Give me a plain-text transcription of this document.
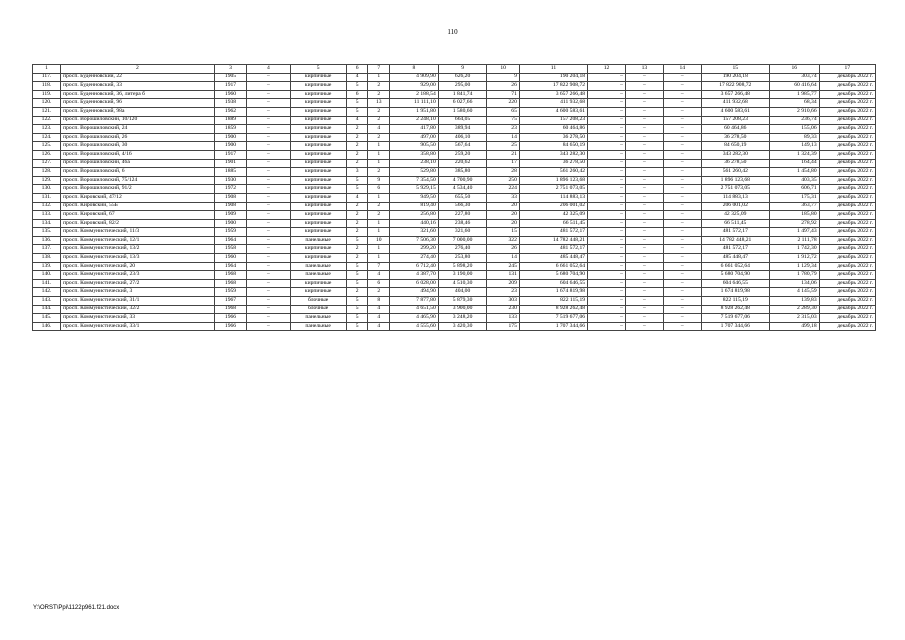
110
1	2	3	4	5	6	7	8	9	10	11	12	13	14	15	16	17
117.	просп. Буденновский, 22	1905	–	кирпичные	4	1	4 909,90	626,20	9	190 204,18	–	–	–	190 204,18	303,74	декабрь 2022 г.
118.	просп. Буденновский, 33	1917	–	кирпичные	5	2	929,00	295,00	26	17 822 908,72	–	–	–	17 822 908,72	60 416,64	декабрь 2022 г.
119.	просп. Буденновский, 36, литера б	1960	–	кирпичные	6	2	2 188,54	1 841,74	71	3 657 266,48	–	–	–	3 657 266,48	1 985,77	декабрь 2022 г.
120.	просп. Буденновский, 96	1938	–	кирпичные	5	13	11 111,10	6 027,66	220	411 932,68	–	–	–	411 932,68	68,34	декабрь 2022 г.
121.	просп. Буденновский, 98а	1962	–	кирпичные	5	2	1 951,80	1 580,60	65	4 600 583,61	–	–	–	4 600 583,61	2 910,66	декабрь 2022 г.
122.	просп. Ворошиловский, 10/120	1889	–	кирпичные	4	2	2 248,10	664,05	75	157 208,23	–	–	–	157 208,23	236,74	декабрь 2022 г.
123.	просп. Ворошиловский, 24	1859	–	кирпичные	2	4	417,80	389,94	23	60 464,86	–	–	–	60 464,86	155,06	декабрь 2022 г.
124.	просп. Ворошиловский, 26	1900	–	кирпичные	2	2	497,00	406,10	14	36 278,50	–	–	–	36 278,50	89,33	декабрь 2022 г.
125.	просп. Ворошиловский, 30	1900	–	кирпичные	2	1	905,50	567,64	25	84 650,19	–	–	–	84 650,19	149,13	декабрь 2022 г.
126.	просп. Ворошиловский, 4/16	1917	–	кирпичные	2	1	358,80	259,20	21	343 282,30	–	–	–	343 282,30	1 324,39	декабрь 2022 г.
127.	просп. Ворошиловский, 46а	1901	–	кирпичные	2	1	238,10	220,62	17	36 278,50	–	–	–	36 278,50	164,44	декабрь 2022 г.
128.	просп. Ворошиловский, 6	1885	–	кирпичные	3	2	529,80	385,80	28	561 260,42	–	–	–	561 260,42	1 454,80	декабрь 2022 г.
129.	просп. Ворошиловский, 75/124	1930	–	кирпичные	5	9	7 354,50	4 700,90	250	1 896 123,68	–	–	–	1 896 123,68	403,35	декабрь 2022 г.
130.	просп. Ворошиловский, 91/2	1972	–	кирпичные	5	6	5 929,15	4 534,40	224	2 751 073,05	–	–	–	2 751 073,05	606,71	декабрь 2022 г.
131.	просп. Кировский, 47/12	1908	–	кирпичные	4	1	949,50	655,50	33	114 883,13	–	–	–	114 883,13	175,31	декабрь 2022 г.
132.	просп. Кировский, 55Б	1908	–	кирпичные	2	2	819,40	566,30	20	206 001,02	–	–	–	206 001,02	363,77	декабрь 2022 г.
133.	просп. Кировский, 67	1909	–	кирпичные	2	2	256,80	227,80	20	42 325,09	–	–	–	42 325,09	185,80	декабрь 2022 г.
134.	просп. Кировский, 82/2	1900	–	кирпичные	2	1	440,16	238,46	20	66 511,45	–	–	–	66 511,45	278,92	декабрь 2022 г.
135.	просп. Коммунистический, 11/3	1959	–	кирпичные	2	1	321,60	321,60	15	481 572,17	–	–	–	481 572,17	1 497,43	декабрь 2022 г.
136.	просп. Коммунистический, 12/1	1964	–	панельные	5	10	7 506,30	7 000,00	322	14 782 448,21	–	–	–	14 782 448,21	2 111,78	декабрь 2022 г.
137.	просп. Коммунистический, 13/2	1958	–	кирпичные	2	1	299,20	276,40	26	481 572,17	–	–	–	481 572,17	1 742,30	декабрь 2022 г.
138.	просп. Коммунистический, 13/3	1960	–	кирпичные	2	1	274,40	253,80	14	485 448,47	–	–	–	485 448,47	1 912,72	декабрь 2022 г.
139.	просп. Коммунистический, 20	1964	–	панельные	5	7	6 712,40	5 898,20	245	6 661 052,64	–	–	–	6 661 052,64	1 129,34	декабрь 2022 г.
140.	просп. Коммунистический, 23/3	1968	–	панельные	5	4	4 387,70	3 190,00	131	5 680 704,90	–	–	–	5 680 704,90	1 780,79	декабрь 2022 г.
141.	просп. Коммунистический, 27/2	1968	–	кирпичные	5	6	6 028,00	4 510,30	209	604 646,55	–	–	–	604 646,55	134,06	декабрь 2022 г.
142.	просп. Коммунистический, 3	1959	–	кирпичные	2	2	494,90	404,00	23	1 674 819,98	–	–	–	1 674 819,98	4 145,59	декабрь 2022 г.
143.	просп. Коммунистический, 31/1	1967	–	блочные	5	8	7 877,80	5 879,30	303	822 115,19	–	–	–	822 115,19	139,83	декабрь 2022 г.
144.	просп. Коммунистический, 32/2	1968	–	блочные	5	4	4 651,50	3 900,00	230	8 928 262,48	–	–	–	8 928 262,48	2 289,30	декабрь 2022 г.
145.	просп. Коммунистический, 33	1966	–	панельные	5	4	4 465,90	3 248,20	133	7 519 677,06	–	–	–	7 519 677,06	2 315,03	декабрь 2022 г.
146.	просп. Коммунистический, 33/1	1966	–	панельные	5	4	4 555,60	3 420,30	175	1 707 344,66	–	–	–	1 707 344,66	499,18	декабрь 2022 г.
Y:\ORST\Ppi\1122p961.f21.docx
